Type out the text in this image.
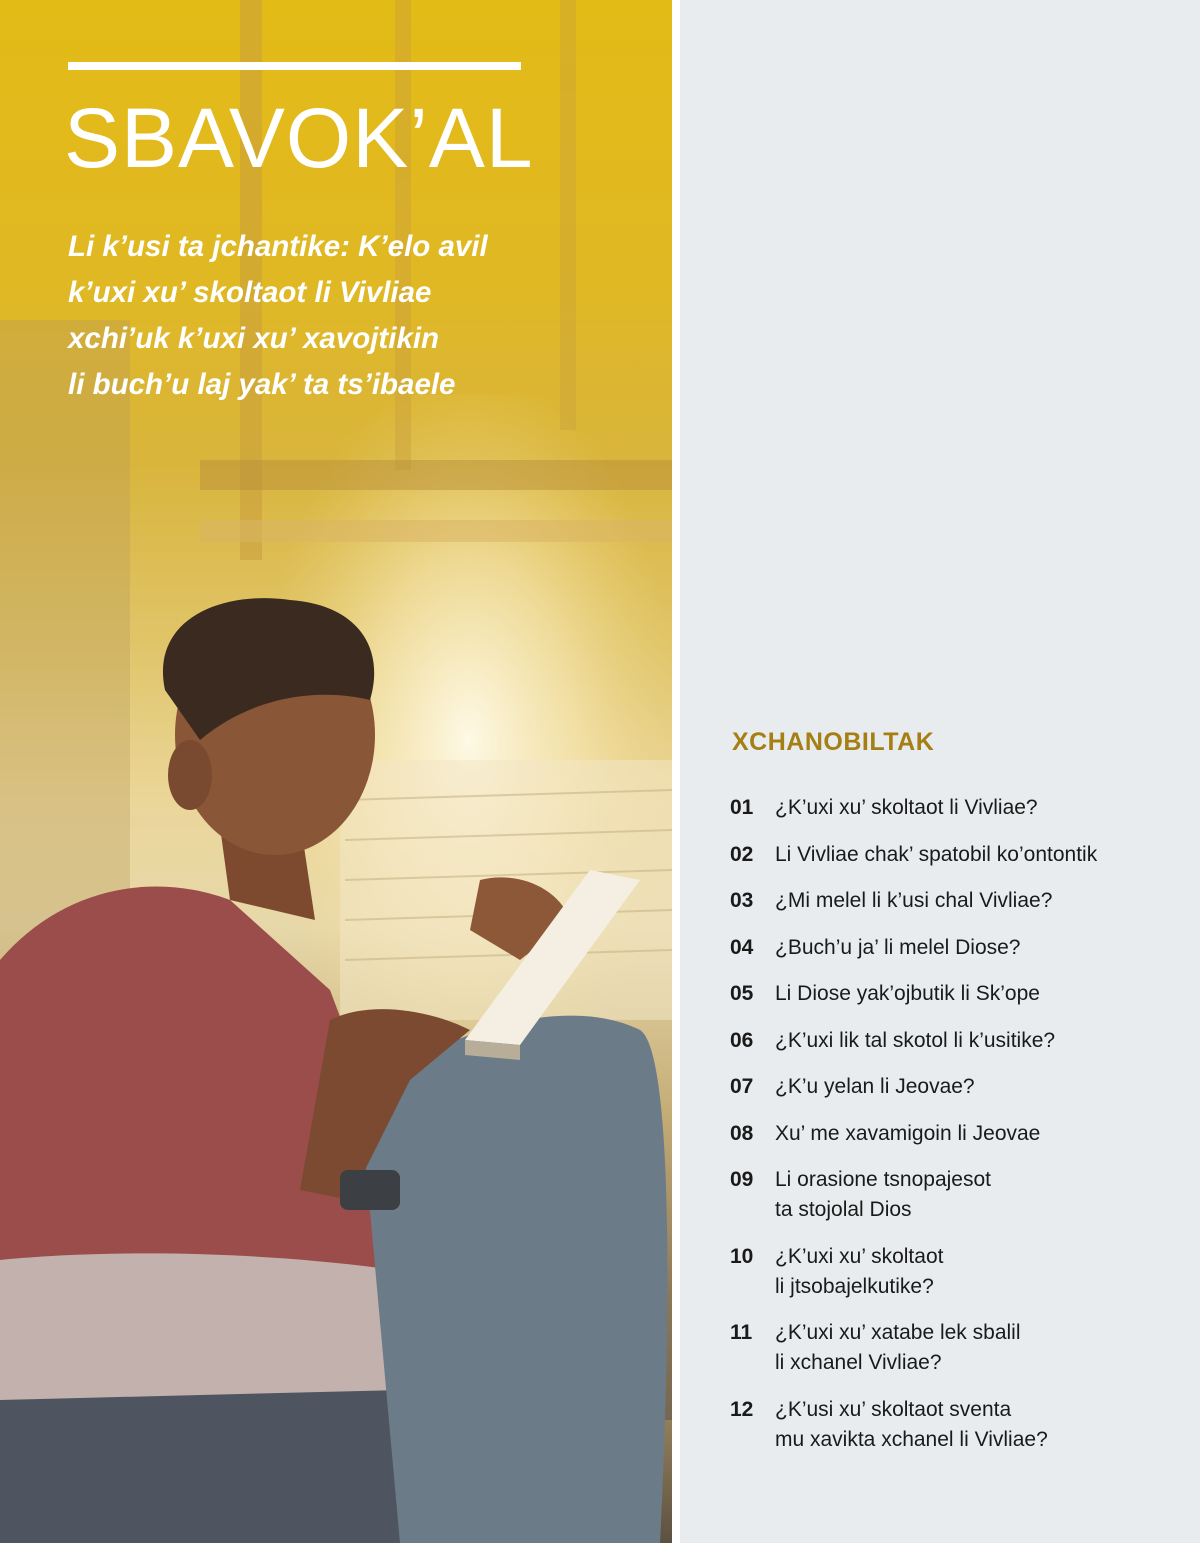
SBAVOK’AL

Li k’usi ta jchantike: K’elo avil
k’uxi xu’ skoltaot li Vivliae
xchi’uk k’uxi xu’ xavojtikin
li buch’u laj yak’ ta ts’ibaele

XCHANOBILTAK
01	¿K’uxi xu’ skoltaot li Vivliae?
02	Li Vivliae chak’ spatobil ko’ontontik
03	¿Mi melel li k’usi chal Vivliae?
04	¿Buch’u ja’ li melel Diose?
05	Li Diose yak’ojbutik li Sk’ope
06	¿K’uxi lik tal skotol li k’usitike?
07	¿K’u yelan li Jeovae?
08	Xu’ me xavamigoin li Jeovae
09	Li orasione tsnopajesot
ta stojolal Dios
10	¿K’uxi xu’ skoltaot
li jtsobajelkutike?
11	¿K’uxi xu’ xatabe lek sbalil
li xchanel Vivliae?
12	¿K’usi xu’ skoltaot sventa
mu xavikta xchanel li Vivliae?
